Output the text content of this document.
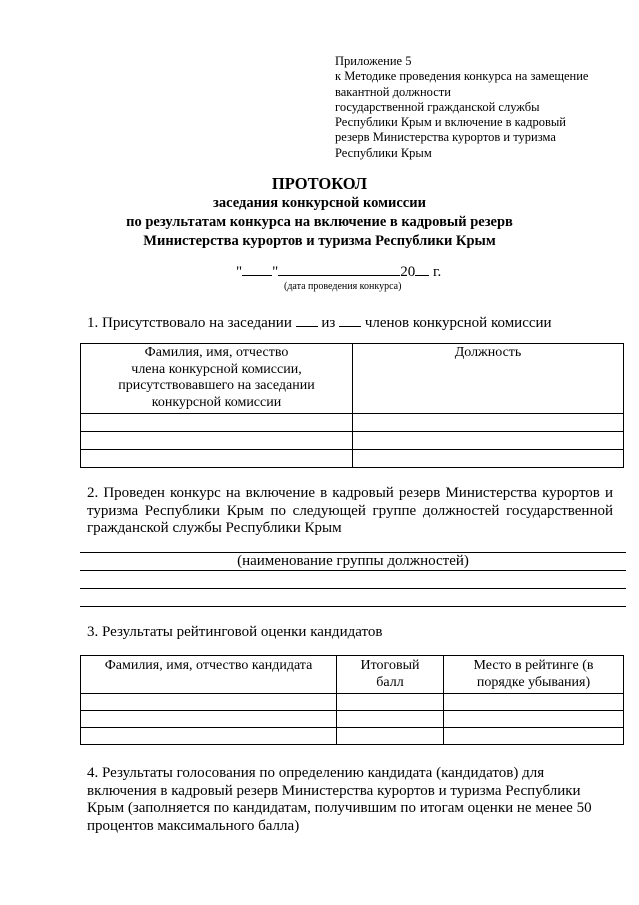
Приложение 5
к Методике проведения конкурса на замещение
вакантной должности
государственной гражданской службы
Республики Крым и включение в кадровый
резерв Министерства курортов и туризма
Республики Крым
ПРОТОКОЛ
заседания конкурсной комиссии
по результатам конкурса на включение в кадровый резерв
Министерства курортов и туризма Республики Крым
" "	20 г.
(дата проведения конкурса)
1. Присутствовало на заседании из членов конкурсной комиссии
Фамилия, имя, отчество
члена конкурсной комиссии,
присутствовавшего на заседании
конкурсной комиссии	Должность

2. Проведен конкурс на включение в кадровый резерв Министерства курортов и
туризма Республики Крым по следующей группе должностей государственной
гражданской службы Республики Крым
(наименование группы должностей)
3. Результаты рейтинговой оценки кандидатов
Фамилия, имя, отчество кандидата	Итоговый
балл	Место в рейтинге (в
порядке убывания)

4. Результаты голосования по определению кандидата (кандидатов) для
включения в кадровый резерв Министерства курортов и туризма Республики
Крым (заполняется по кандидатам, получившим по итогам оценки не менее 50
процентов максимального балла)
